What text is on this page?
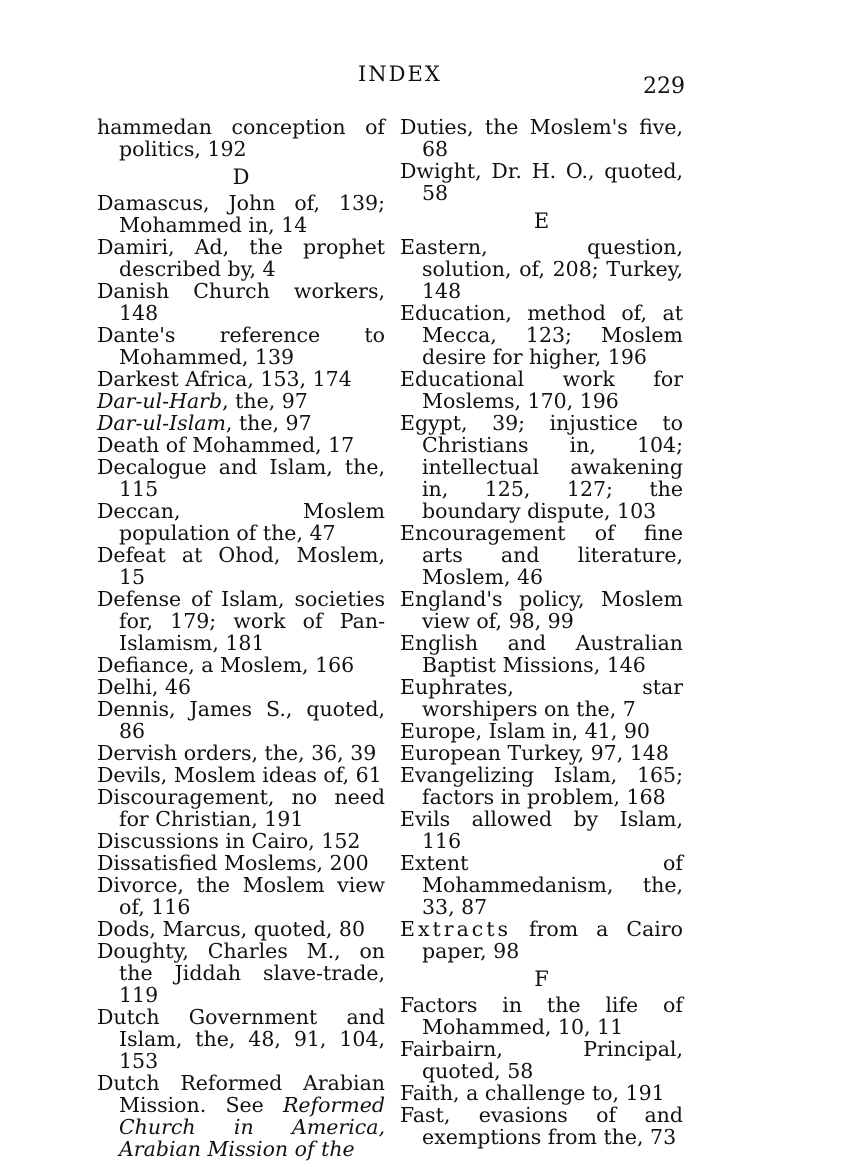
INDEX	229

hammedan conception of politics, 192

D

Damascus, John of, 139; Mohammed in, 14

Damiri, Ad, the prophet described by, 4

Danish Church workers, 148

Dante's reference to Mohammed, 139

Darkest Africa, 153, 174

Dar-ul-Harb, the, 97

Dar-ul-Islam, the, 97

Death of Mohammed, 17

Decalogue and Islam, the, 115

Deccan, Moslem population of the, 47

Defeat at Ohod, Moslem, 15

Defense of Islam, societies for, 179; work of Pan-Islamism, 181

Defiance, a Moslem, 166

Delhi, 46

Dennis, James S., quoted, 86

Dervish orders, the, 36, 39

Devils, Moslem ideas of, 61

Discouragement, no need for Christian, 191

Discussions in Cairo, 152

Dissatisfied Moslems, 200

Divorce, the Moslem view of, 116

Dods, Marcus, quoted, 80

Doughty, Charles M., on the Jiddah slave-trade, 119

Dutch Government and Islam, the, 48, 91, 104, 153

Dutch Reformed Arabian Mission. See Reformed Church in America, Arabian Mission of the

Duties, the Moslem's five, 68

Dwight, Dr. H. O., quoted, 58

E

Eastern, question, solution, of, 208; Turkey, 148

Education, method of, at Mecca, 123; Moslem desire for higher, 196

Educational work for Moslems, 170, 196

Egypt, 39; injustice to Christians in, 104; intellectual awakening in, 125, 127; the boundary dispute, 103

Encouragement of fine arts and literature, Moslem, 46

England's policy, Moslem view of, 98, 99

English and Australian Baptist Missions, 146

Euphrates, star worshipers on the, 7

Europe, Islam in, 41, 90

European Turkey, 97, 148

Evangelizing Islam, 165; factors in problem, 168

Evils allowed by Islam, 116

Extent of Mohammedanism, the, 33, 87

Extracts from a Cairo paper, 98

F

Factors in the life of Mohammed, 10, 11

Fairbairn, Principal, quoted, 58

Faith, a challenge to, 191

Fast, evasions of and exemptions from the, 73
